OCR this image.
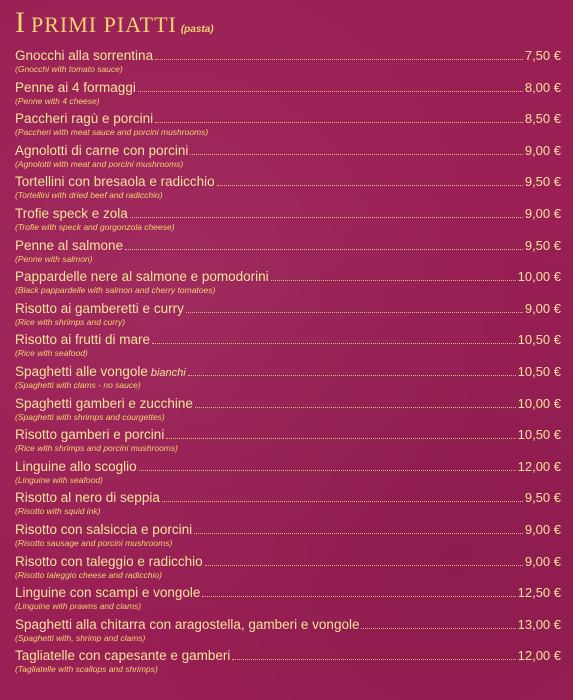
I PRIMI PIATTI (pasta)
Gnocchi alla sorrentina	7,50 €
(Gnocchi with tomato sauce)
Penne ai 4 formaggi	8,00 €
(Penne with 4 cheese)
Paccheri ragù e porcini	8,50 €
(Paccheri with meat sauce and porcini mushrooms)
Agnolotti di carne con porcini	9,00 €
(Agnolotti with meat and porcini mushrooms)
Tortellini con bresaola e radicchio	9,50 €
(Tortellini with dried beef and radicchio)
Trofie speck e zola	9,00 €
(Trofie with speck and gorgonzola cheese)
Penne al salmone	9,50 €
(Penne with salmon)
Pappardelle nere al salmone e pomodorini	10,00 €
(Black pappardelle with salmon and cherry tomatoes)
Risotto ai gamberetti e curry	9,00 €
(Rice with shrimps and curry)
Risotto ai frutti di mare	10,50 €
(Rice with seafood)
Spaghetti alle vongole bianchi	10,50 €
(Spaghetti with clams - no sauce)
Spaghetti gamberi e zucchine	10,00 €
(Spaghetti with shrimps and courgettes)
Risotto gamberi e porcini	10,50 €
(Rice with shrimps and porcini mushrooms)
Linguine allo scoglio	12,00 €
(Linguine with seafood)
Risotto al nero di seppia	9,50 €
(Risotto with squid ink)
Risotto con salsiccia e porcini	9,00 €
(Risotto sausage and porcini mushrooms)
Risotto con taleggio e radicchio	9,00 €
(Risotto taleggio cheese and radicchio)
Linguine con scampi e vongole	12,50 €
(Linguine with prawns and clams)
Spaghetti alla chitarra con aragostella, gamberi e vongole	13,00 €
(Spaghetti with, shrimp and clams)
Tagliatelle con capesante e gamberi	12,00 €
(Tagliatelle with scallops and shrimps)
